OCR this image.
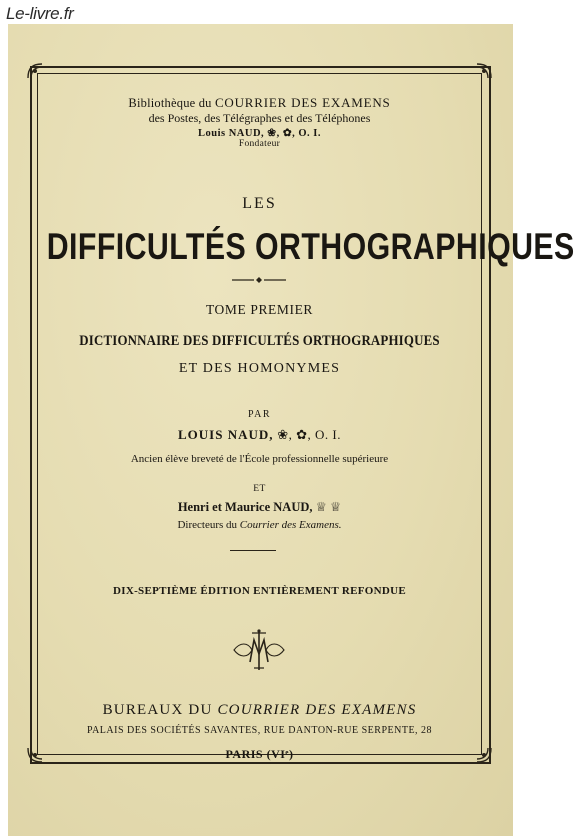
Le-livre.fr
Bibliothèque du COURRIER DES EXAMENS
des Postes, des Télégraphes et des Téléphones
Louis NAUD, ❀, ✿, O. I.
Fondateur
LES
DIFFICULTÉS ORTHOGRAPHIQUES
TOME PREMIER
DICTIONNAIRE DES DIFFICULTÉS ORTHOGRAPHIQUES
ET DES HOMONYMES
PAR
LOUIS NAUD, ❀, ✿, O. I.
Ancien élève breveté de l'École professionnelle supérieure
ET
Henri et Maurice NAUD, ♕ ♕
Directeurs du Courrier des Examens.
DIX-SEPTIÈME ÉDITION ENTIÈREMENT REFONDUE
BUREAUX DU COURRIER DES EXAMENS
PALAIS DES SOCIÉTÉS SAVANTES, RUE DANTON-RUE SERPENTE, 28
PARIS (VIᵉ)
